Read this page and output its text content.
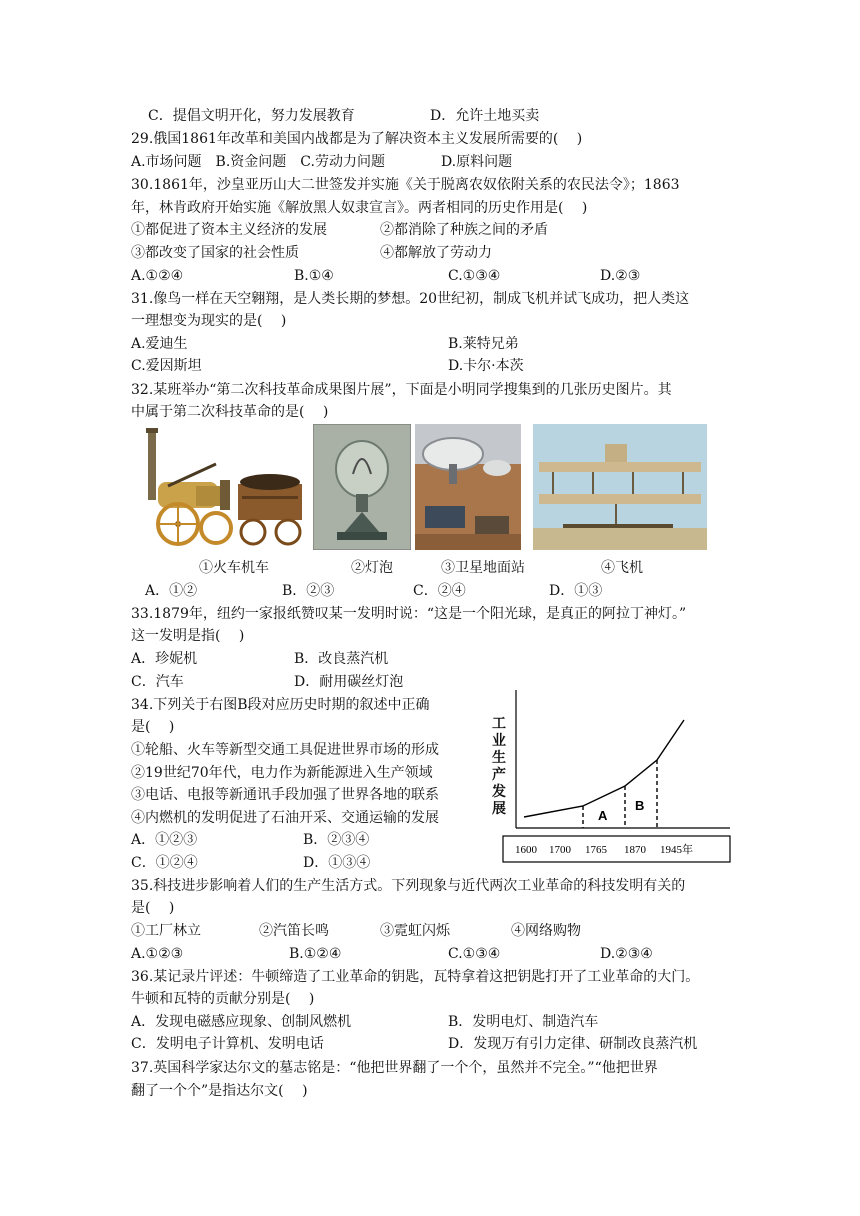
C．提倡文明开化，努力发展教育	D．允许土地买卖
29.俄国1861年改革和美国内战都是为了解决资本主义发展所需要的(　 )
A.市场问题　B.资金问题　C.劳动力问题　　　　D.原料问题
30.1861年，沙皇亚历山大二世签发并实施《关于脱离农奴依附关系的农民法令》；1863
年，林肯政府开始实施《解放黑人奴隶宣言》。两者相同的历史作用是(　 )
①都促进了资本主义经济的发展	②都消除了种族之间的矛盾
③都改变了国家的社会性质	④都解放了劳动力
A.①②④	B.①④	C.①③④	D.②③
31.像鸟一样在天空翱翔，是人类长期的梦想。20世纪初，制成飞机并试飞成功，把人类这
一理想变为现实的是(　 )
A.爱迪生	B.莱特兄弟
C.爱因斯坦	D.卡尔·本茨
32.某班举办“第二次科技革命成果图片展”，下面是小明同学搜集到的几张历史图片。其
中属于第二次科技革命的是(　 )
①火车机车	②灯泡	③卫星地面站	④飞机
A．①②	B．②③	C．②④	D．①③
33.1879年，纽约一家报纸赞叹某一发明时说：“这是一个阳光球，是真正的阿拉丁神灯。”
这一发明是指(　 )
A．珍妮机	B．改良蒸汽机
C．汽车	D．耐用碳丝灯泡
34.下列关于右图B段对应历史时期的叙述中正确
是(　 )
①轮船、火车等新型交通工具促进世界市场的形成
②19世纪70年代，电力作为新能源进入生产领域
③电话、电报等新通讯手段加强了世界各地的联系
④内燃机的发明促进了石油开采、交通运输的发展
A．①②③	B．②③④
C．①②④	D．①③④
工业生产发展	A
B
1600 1700 1765 1870 1945年
35.科技进步影响着人们的生产生活方式。下列现象与近代两次工业革命的科技发明有关的
是(　 )
①工厂林立	②汽笛长鸣	③霓虹闪烁	④网络购物
A.①②③	B.①②④	C.①③④	D.②③④
36.某记录片评述：牛顿缔造了工业革命的钥匙，瓦特拿着这把钥匙打开了工业革命的大门。
牛顿和瓦特的贡献分别是(　 )
A．发现电磁感应现象、创制风燃机	B．发明电灯、制造汽车
C．发明电子计算机、发明电话	D．发现万有引力定律、研制改良蒸汽机
37.英国科学家达尔文的墓志铭是：“他把世界翻了一个个，虽然并不完全。”“他把世界
翻了一个个”是指达尔文(　 )
